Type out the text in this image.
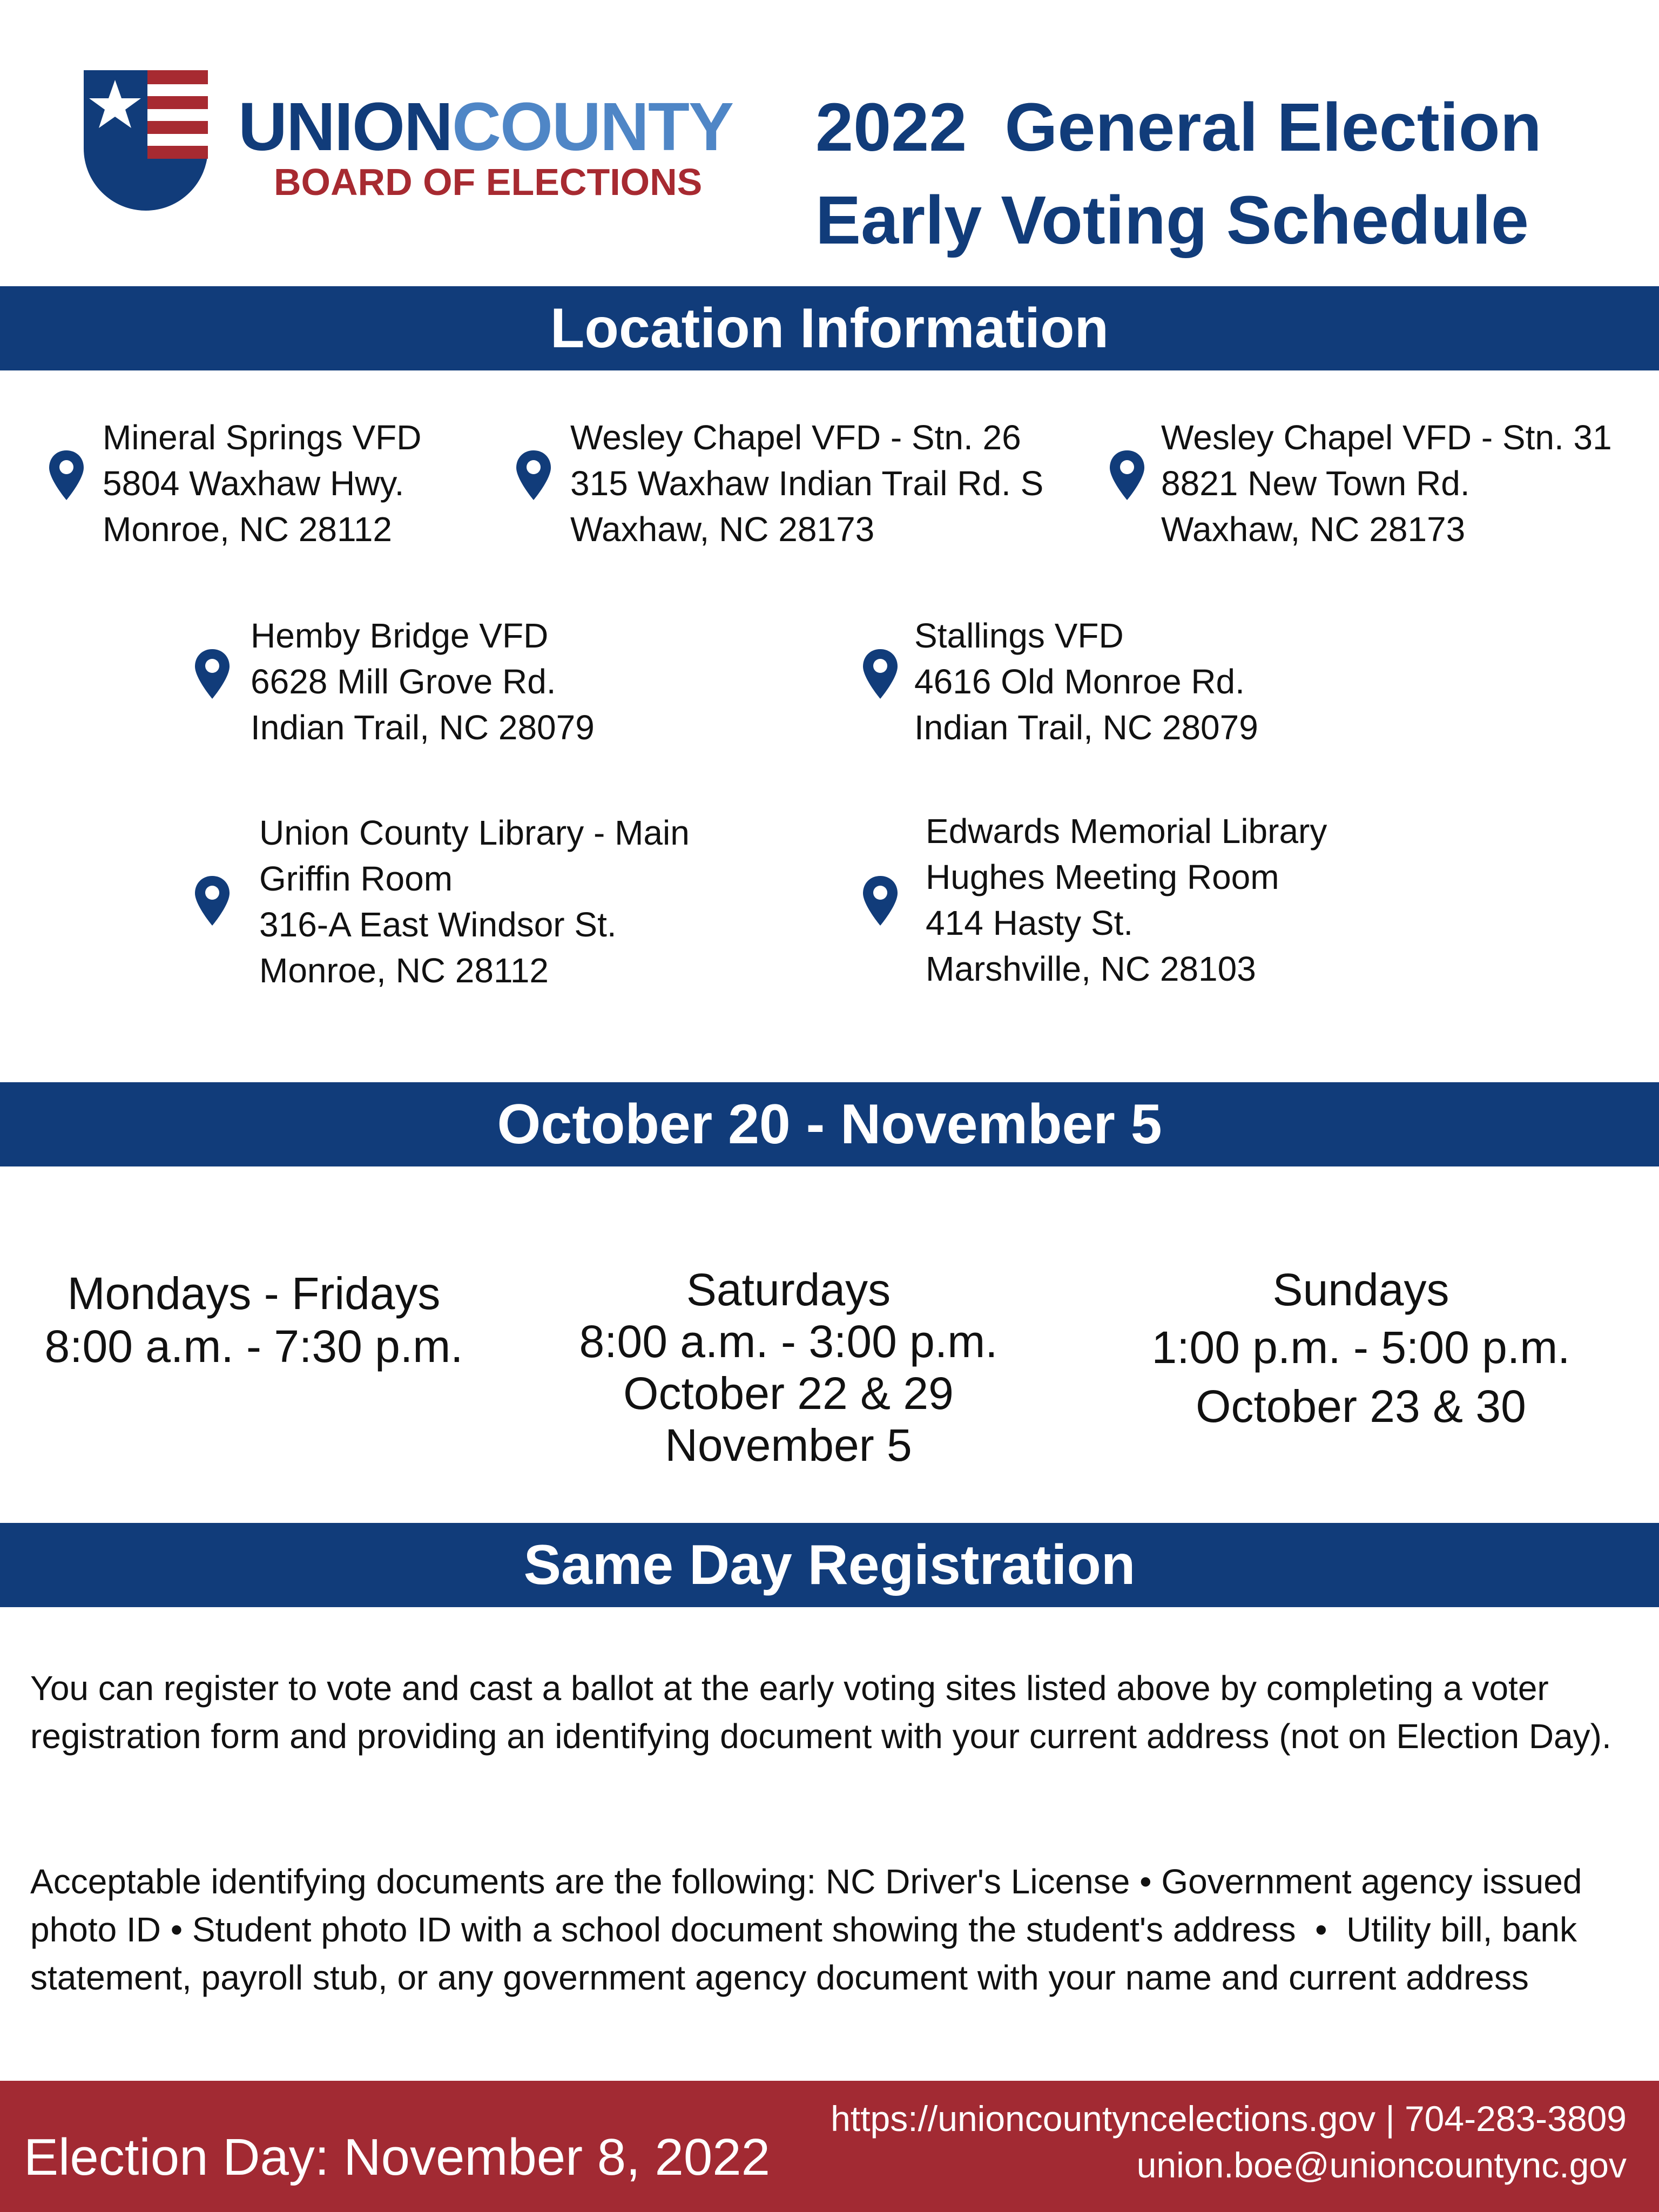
UNIONCOUNTY
BOARD OF ELECTIONS
2022  General Election
Early Voting Schedule
Location Information
Mineral Springs VFD
5804 Waxhaw Hwy.
Monroe, NC 28112
Wesley Chapel VFD - Stn. 26
315 Waxhaw Indian Trail Rd. S
Waxhaw, NC 28173
Wesley Chapel VFD - Stn. 31
8821 New Town Rd.
Waxhaw, NC 28173
Hemby Bridge VFD
6628 Mill Grove Rd.
Indian Trail, NC 28079
Stallings VFD
4616 Old Monroe Rd.
Indian Trail, NC 28079
Union County Library - Main
Griffin Room
316-A East Windsor St.
Monroe, NC 28112
Edwards Memorial Library
Hughes Meeting Room
414 Hasty St.
Marshville, NC 28103
October 20 - November 5
Mondays - Fridays
8:00 a.m. - 7:30 p.m.
Saturdays
8:00 a.m. - 3:00 p.m.
October 22 & 29
November 5
Sundays
1:00 p.m. - 5:00 p.m.
October 23 & 30
Same Day Registration
You can register to vote and cast a ballot at the early voting sites listed above by completing a voter registration form and providing an identifying document with your current address (not on Election Day).
Acceptable identifying documents are the following: NC Driver's License • Government agency issued photo ID • Student photo ID with a school document showing the student's address  •  Utility bill, bank statement, payroll stub, or any government agency document with your name and current address
Election Day: November 8, 2022
https://unioncountyncelections.gov | 704-283-3809
union.boe@unioncountync.gov
